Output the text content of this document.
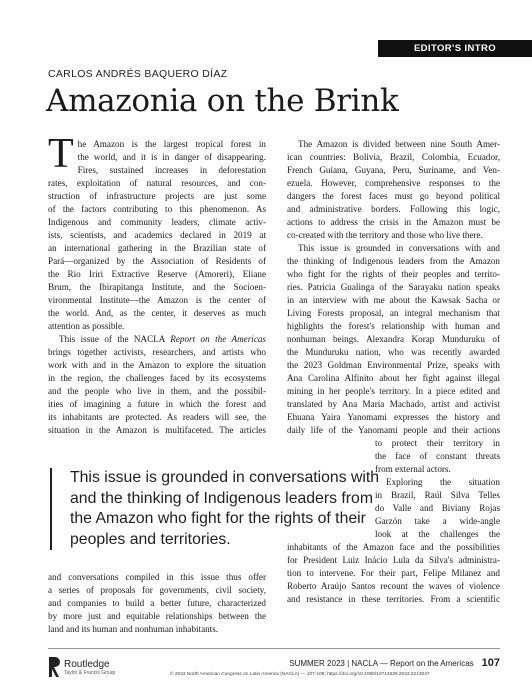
EDITOR'S INTRO
CARLOS ANDRÉS BAQUERO DÍAZ
Amazonia on the Brink
T he Amazon is the largest tropical forest in
the world, and it is in danger of disappearing.
Fires, sustained increases in deforestation
rates, exploitation of natural resources, and con-
struction of infrastructure projects are just some
of the factors contributing to this phenomenon. As
Indigenous and community leaders, climate activ-
ists, scientists, and academics declared in 2019 at
an international gathering in the Brazilian state of
Pará—organized by the Association of Residents of
the Rio Iriri Extractive Reserve (Amoreri), Eliane
Brum, the Ibirapitanga Institute, and the Socioen-
vironmental Institute—the Amazon is the center of
the world. And, as the center, it deserves as much
attention as possible.
This issue of the NACLA Report on the Americas
brings together activists, researchers, and artists who
work with and in the Amazon to explore the situation
in the region, the challenges faced by its ecosystems
and the people who live in them, and the possibil-
ities of imagining a future in which the forest and
its inhabitants are protected. As readers will see, the
situation in the Amazon is multifaceted. The articles
and conversations compiled in this issue thus offer
a series of proposals for governments, civil society,
and companies to build a better future, characterized
by more just and equitable relationships between the
land and its human and nonhuman inhabitants.
The Amazon is divided between nine South Amer-
ican countries: Bolivia, Brazil, Colombia, Ecuador,
French Guiana, Guyana, Peru, Suriname, and Ven-
ezuela. However, comprehensive responses to the
dangers the forest faces must go beyond political
and administrative borders. Following this logic,
actions to address the crisis in the Amazon must be
co-created with the territory and those who live there.
This issue is grounded in conversations with and
the thinking of Indigenous leaders from the Amazon
who fight for the rights of their peoples and territo-
ries. Patricia Gualinga of the Sarayaku nation speaks
in an interview with me about the Kawsak Sacha or
Living Forests proposal, an integral mechanism that
highlights the forest's relationship with human and
nonhuman beings. Alexandra Korap Munduruku of
the Munduruku nation, who was recently awarded
the 2023 Goldman Environmental Prize, speaks with
Ana Carolina Alfinito about her fight against illegal
mining in her people's territory. In a piece edited and
translated by Ana María Machado, artist and activist
Ehuana Yaira Yanomami expresses the history and
daily life of the Yanomami people and their actions
to protect their territory in
the face of constant threats
from external actors.
Exploring the situation
in Brazil, Raúl Silva Telles
do Valle and Biviany Rojas
Garzón take a wide-angle
look at the challenges the
inhabitants of the Amazon face and the possibilities
for President Luiz Inácio Lula da Silva's administra-
tion to intervene. For their part, Felipe Milanez and
Roberto Araújo Santos recount the waves of violence
and resistance in these territories. From a scientific
This issue is grounded in conversations with and the thinking of Indigenous leaders from the Amazon who fight for the rights of their peoples and territories.
Routledge
Taylor & Francis Group
SUMMER 2023 | NACLA — Report on the Americas 107
© 2023 North American Congress on Latin America (NACLA) — 107-109; https://doi.org/10.1080/10714839.2023.2213047
